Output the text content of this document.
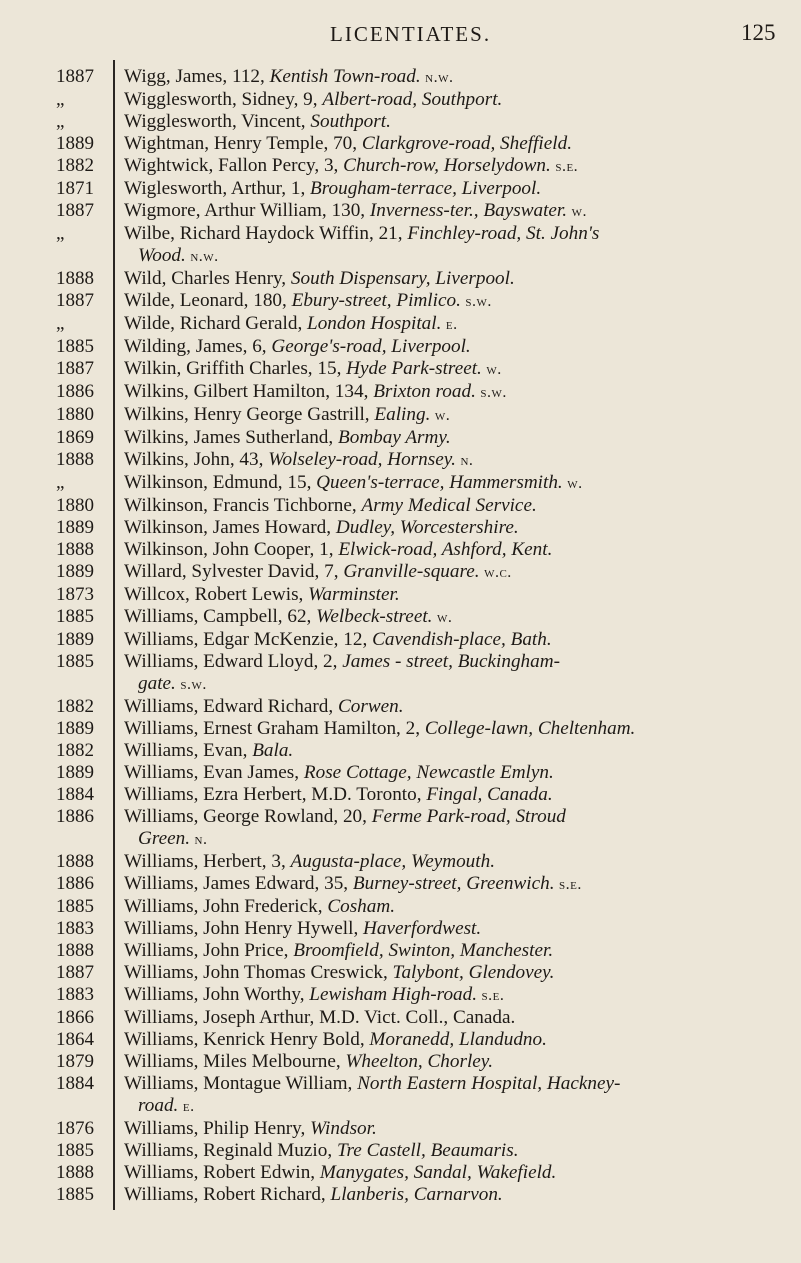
LICENTIATES.	125
1887	Wigg, James, 112, Kentish Town-road. n.w.
„	Wigglesworth, Sidney, 9, Albert-road, Southport.
„	Wigglesworth, Vincent, Southport.
1889	Wightman, Henry Temple, 70, Clarkgrove-road, Sheffield.
1882	Wightwick, Fallon Percy, 3, Church-row, Horselydown. s.e.
1871	Wiglesworth, Arthur, 1, Brougham-terrace, Liverpool.
1887	Wigmore, Arthur William, 130, Inverness-ter., Bayswater. w.
„	Wilbe, Richard Haydock Wiffin, 21, Finchley-road, St. John's
Wood. n.w.
1888	Wild, Charles Henry, South Dispensary, Liverpool.
1887	Wilde, Leonard, 180, Ebury-street, Pimlico. s.w.
„	Wilde, Richard Gerald, London Hospital. e.
1885	Wilding, James, 6, George's-road, Liverpool.
1887	Wilkin, Griffith Charles, 15, Hyde Park-street. w.
1886	Wilkins, Gilbert Hamilton, 134, Brixton road. s.w.
1880	Wilkins, Henry George Gastrill, Ealing. w.
1869	Wilkins, James Sutherland, Bombay Army.
1888	Wilkins, John, 43, Wolseley-road, Hornsey. n.
„	Wilkinson, Edmund, 15, Queen's-terrace, Hammersmith. w.
1880	Wilkinson, Francis Tichborne, Army Medical Service.
1889	Wilkinson, James Howard, Dudley, Worcestershire.
1888	Wilkinson, John Cooper, 1, Elwick-road, Ashford, Kent.
1889	Willard, Sylvester David, 7, Granville-square. w.c.
1873	Willcox, Robert Lewis, Warminster.
1885	Williams, Campbell, 62, Welbeck-street. w.
1889	Williams, Edgar McKenzie, 12, Cavendish-place, Bath.
1885	Williams, Edward Lloyd, 2, James - street, Buckingham-
gate. s.w.
1882	Williams, Edward Richard, Corwen.
1889	Williams, Ernest Graham Hamilton, 2, College-lawn, Cheltenham.
1882	Williams, Evan, Bala.
1889	Williams, Evan James, Rose Cottage, Newcastle Emlyn.
1884	Williams, Ezra Herbert, M.D. Toronto, Fingal, Canada.
1886	Williams, George Rowland, 20, Ferme Park-road, Stroud
Green. n.
1888	Williams, Herbert, 3, Augusta-place, Weymouth.
1886	Williams, James Edward, 35, Burney-street, Greenwich. s.e.
1885	Williams, John Frederick, Cosham.
1883	Williams, John Henry Hywell, Haverfordwest.
1888	Williams, John Price, Broomfield, Swinton, Manchester.
1887	Williams, John Thomas Creswick, Talybont, Glendovey.
1883	Williams, John Worthy, Lewisham High-road. s.e.
1866	Williams, Joseph Arthur, M.D. Vict. Coll., Canada.
1864	Williams, Kenrick Henry Bold, Moranedd, Llandudno.
1879	Williams, Miles Melbourne, Wheelton, Chorley.
1884	Williams, Montague William, North Eastern Hospital, Hackney-
road. e.
1876	Williams, Philip Henry, Windsor.
1885	Williams, Reginald Muzio, Tre Castell, Beaumaris.
1888	Williams, Robert Edwin, Manygates, Sandal, Wakefield.
1885	Williams, Robert Richard, Llanberis, Carnarvon.
